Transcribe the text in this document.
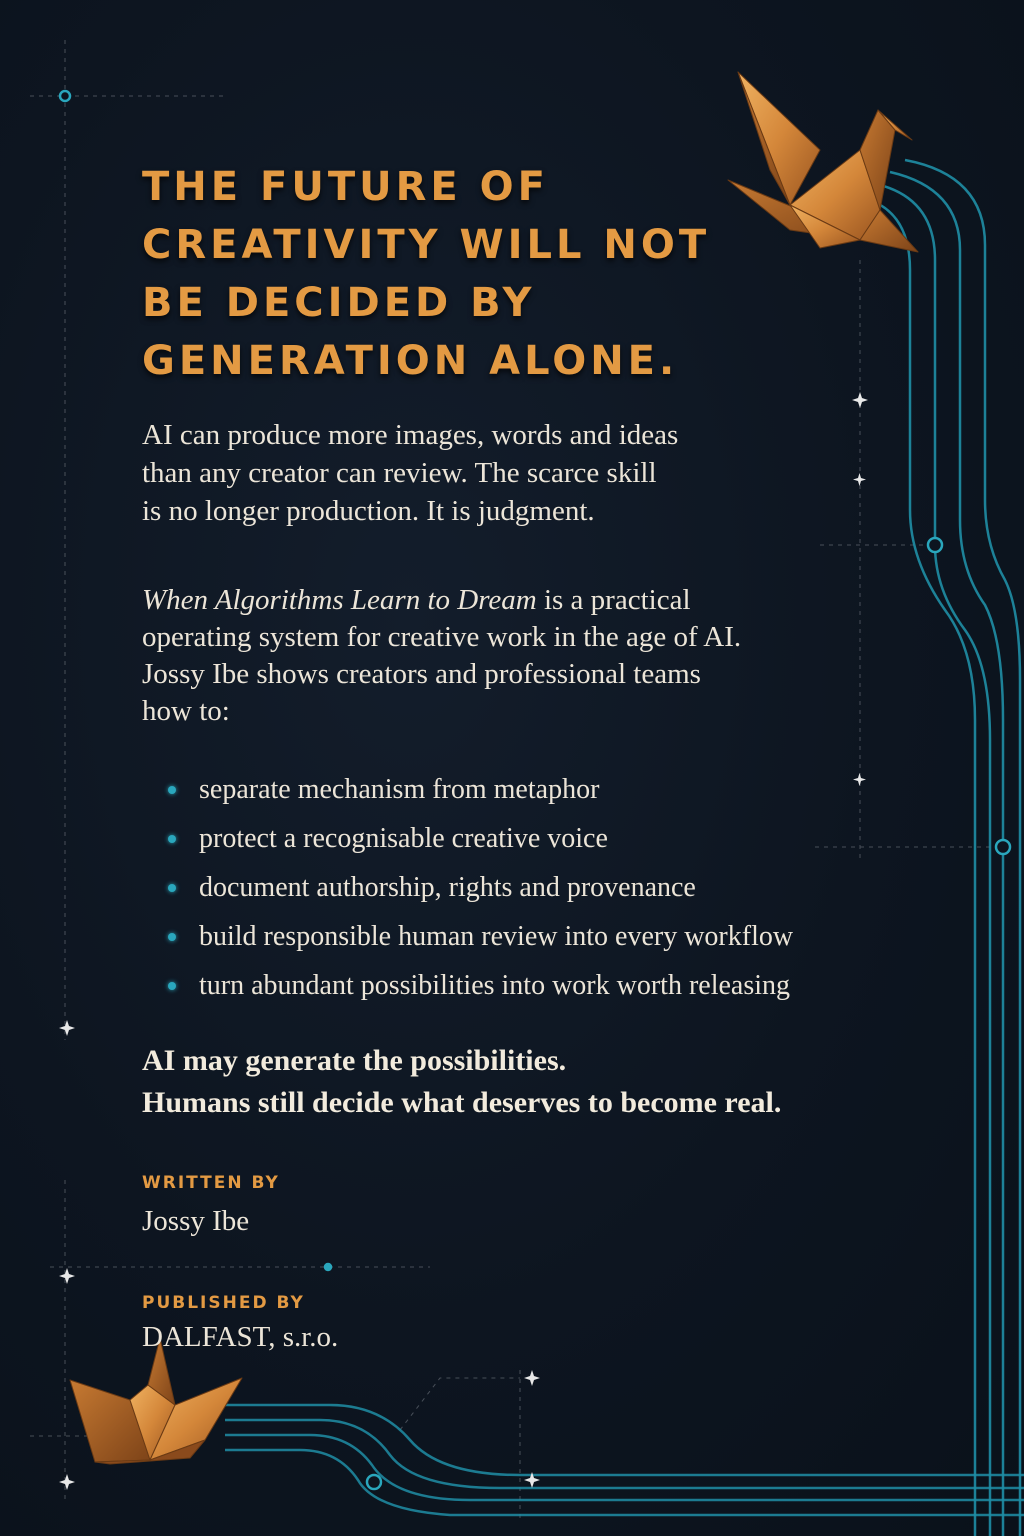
THE FUTURE OF
CREATIVITY WILL NOT
BE DECIDED BY
GENERATION ALONE.

AI can produce more images, words and ideas
than any creator can review. The scarce skill
is no longer production. It is judgment.

When Algorithms Learn to Dream is a practical
operating system for creative work in the age of AI.
Jossy Ibe shows creators and professional teams
how to:

separate mechanism from metaphor
protect a recognisable creative voice
document authorship, rights and provenance
build responsible human review into every workflow
turn abundant possibilities into work worth releasing

AI may generate the possibilities.
Humans still decide what deserves to become real.

WRITTEN BY

Jossy Ibe

PUBLISHED BY

DALFAST, s.r.o.
